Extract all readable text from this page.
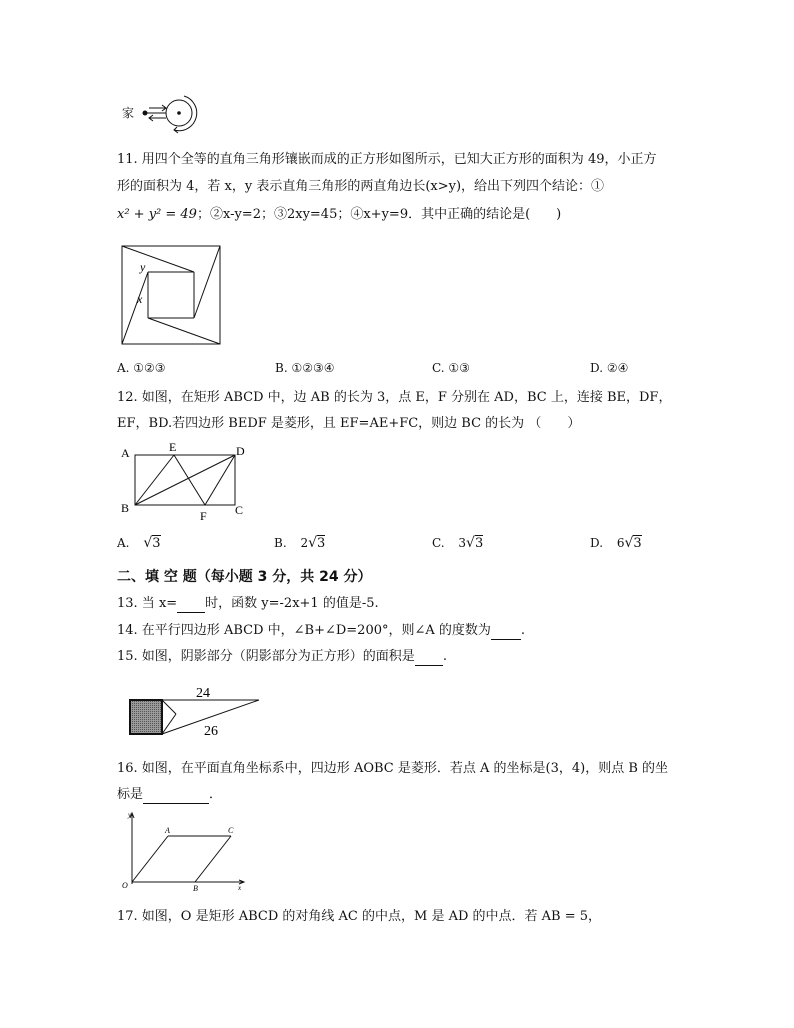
家
11. 用四个全等的直角三角形镶嵌而成的正方形如图所示，已知大正方形的面积为 49，小正方
形的面积为 4，若 x，y 表示直角三角形的两直角边长(x>y)，给出下列四个结论：①
x² + y² = 49；②x-y=2；③2xy=45；④x+y=9．其中正确的结论是(　　)
y
x
A. ①②③	B. ①②③④	C. ①③	D. ②④
12. 如图，在矩形 ABCD 中，边 AB 的长为 3，点 E，F 分别在 AD，BC 上，连接 BE，DF，
EF，BD.若四边形 BEDF 是菱形，且 EF=AE+FC，则边 BC 的长为 （　　）
A	E	D
B
F C
A. √3	B. 2√3	C. 3√3	D. 6√3
二、填 空 题（每小题 3 分，共 24 分）
13. 当 x= 时，函数 y=-2x+1 的值是-5.
14. 在平行四边形 ABCD 中，∠B+∠D=200°，则∠A 的度数为 .
15. 如图，阴影部分（阴影部分为正方形）的面积是 .
24
26
16. 如图，在平面直角坐标系中，四边形 AOBC 是菱形．若点 A 的坐标是(3，4)，则点 B 的坐
标是	．
y
x
O
A	C
B
17. 如图，O 是矩形 ABCD 的对角线 AC 的中点，M 是 AD 的中点．若 AB = 5，
